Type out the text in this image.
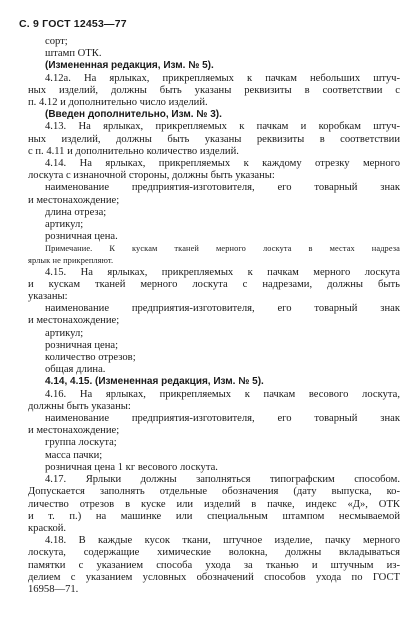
С. 9 ГОСТ 12453—77

сорт;

штамп ОТК.

(Измененная редакция, Изм. № 5).

4.12а. На ярлыках, прикрепляемых к пачкам небольших штуч-

ных изделий, должны быть указаны реквизиты в соответствии с

п. 4.12 и дополнительно число изделий.

(Введен дополнительно, Изм. № 3).

4.13. На ярлыках, прикрепляемых к пачкам и коробкам штуч-

ных изделий, должны быть указаны реквизиты в соответствии

с п. 4.11 и дополнительно количество изделий.

4.14. На ярлыках, прикрепляемых к каждому отрезку мерного

лоскута с изнаночной стороны, должны быть указаны:

наименование предприятия-изготовителя, его товарный знак

и местонахождение;

длина отреза;

артикул;

розничная цена.

Примечание. К кускам тканей мерного лоскута в местах надреза

ярлык не прикрепляют.

4.15. На ярлыках, прикрепляемых к пачкам мерного лоскута

и кускам тканей мерного лоскута с надрезами, должны быть

указаны:

наименование предприятия-изготовителя, его товарный знак

и местонахождение;

артикул;

розничная цена;

количество отрезов;

общая длина.

4.14, 4.15. (Измененная редакция, Изм. № 5).

4.16. На ярлыках, прикрепляемых к пачкам весового лоскута,

должны быть указаны:

наименование предприятия-изготовителя, его товарный знак

и местонахождение;

группа лоскута;

масса пачки;

розничная цена 1 кг весового лоскута.

4.17. Ярлыки должны заполняться типографским способом.

Допускается заполнять отдельные обозначения (дату выпуска, ко-

личество отрезов в куске или изделий в пачке, индекс «Д», ОТК

и т. п.) на машинке или специальным штампом несмываемой

краской.

4.18. В каждые кусок ткани, штучное изделие, пачку мерного

лоскута, содержащие химические волокна, должны вкладываться

памятки с указанием способа ухода за тканью и штучным из-

делием с указанием условных обозначений способов ухода по ГОСТ

16958—71.
